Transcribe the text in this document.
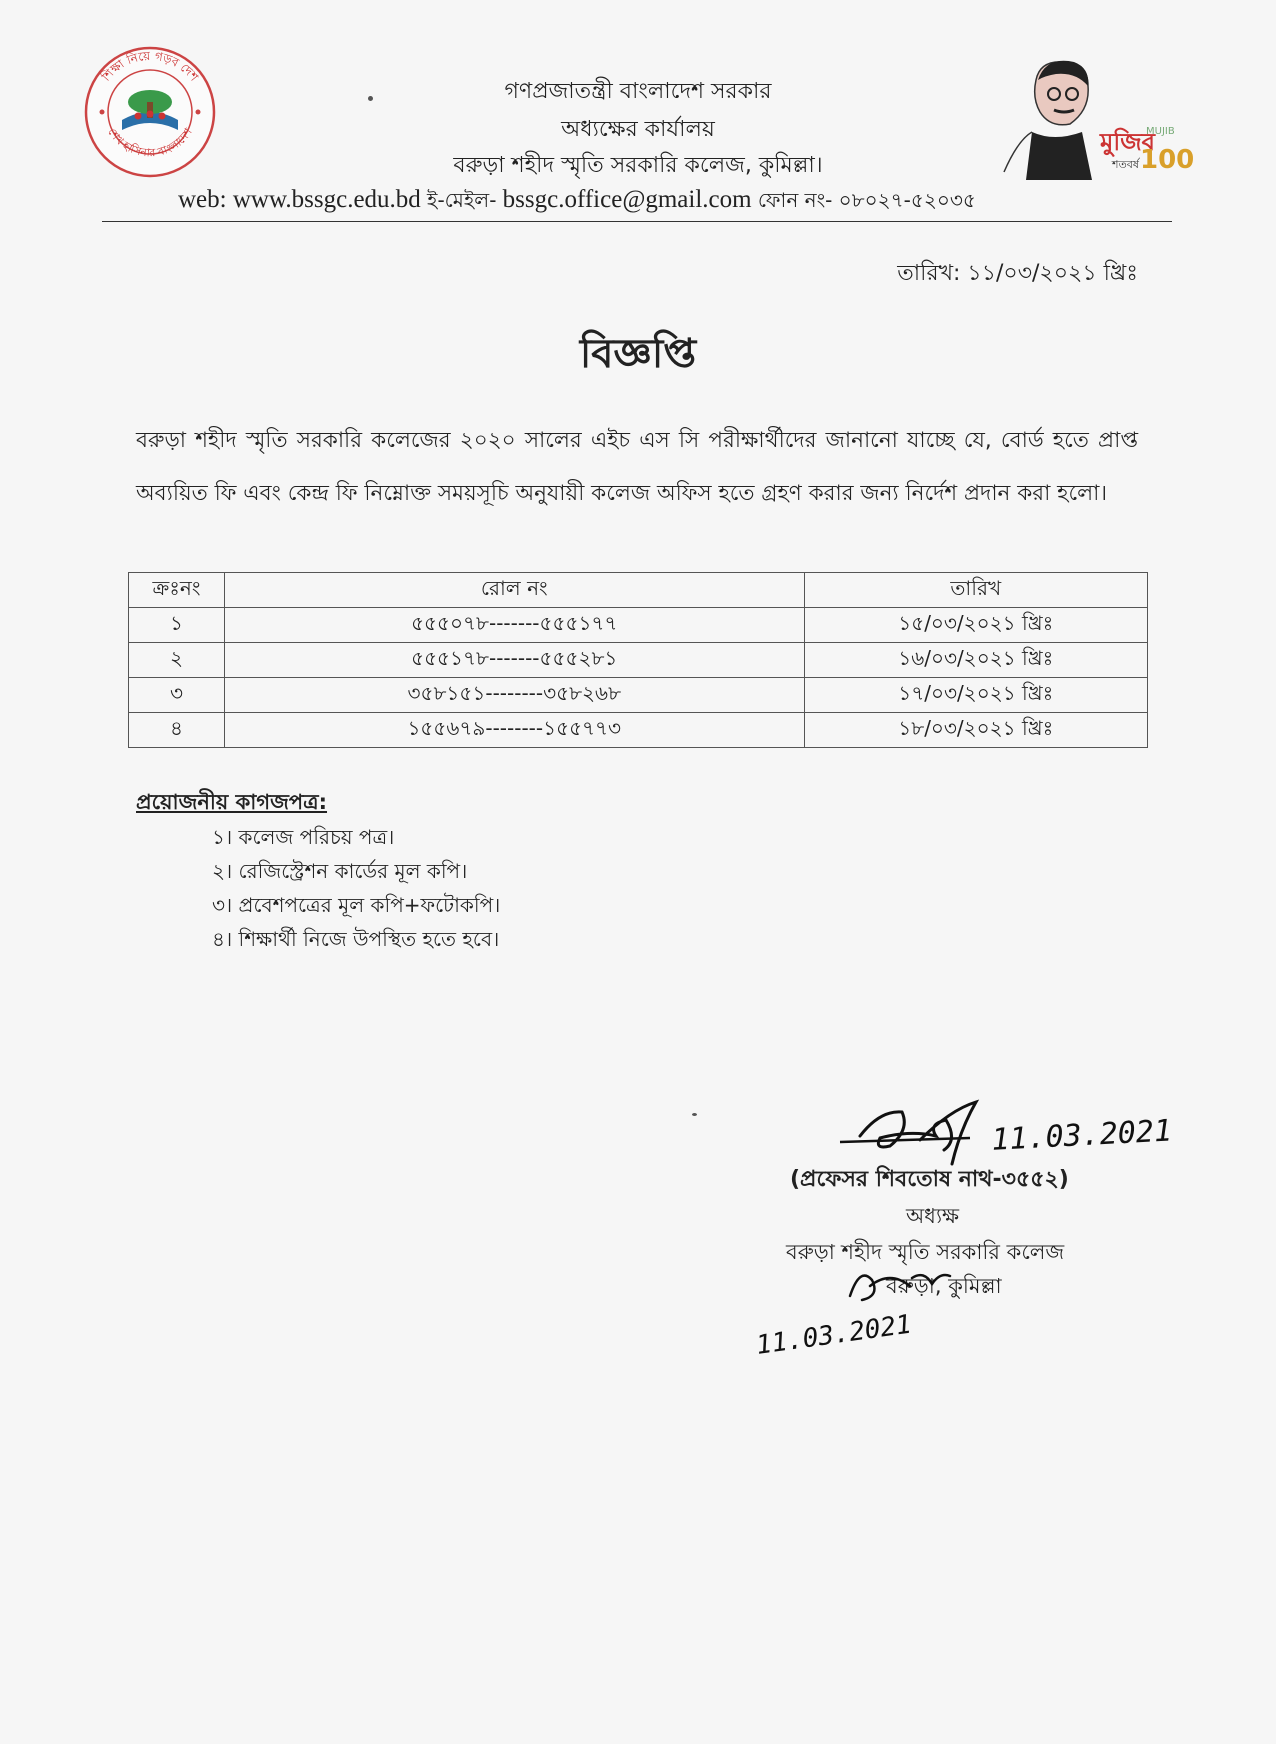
শিক্ষা নিয়ে গড়ব দেশ
শেখ হাসিনার বাংলাদেশ	মুজিব
শতবর্ষ
MUJIB
100
গণপ্রজাতন্ত্রী বাংলাদেশ সরকার
অধ্যক্ষের কার্যালয়
বরুড়া শহীদ স্মৃতি সরকারি কলেজ, কুমিল্লা।
web: www.bssgc.edu.bd ই-মেইল- bssgc.office@gmail.com ফোন নং- ০৮০২৭-৫২০৩৫
তারিখ: ১১/০৩/২০২১ খ্রিঃ
বিজ্ঞপ্তি
বরুড়া শহীদ স্মৃতি সরকারি কলেজের ২০২০ সালের এইচ এস সি পরীক্ষার্থীদের জানানো যাচ্ছে যে, বোর্ড হতে প্রাপ্ত অব্যয়িত ফি এবং কেন্দ্র ফি নিম্নোক্ত সময়সূচি অনুযায়ী কলেজ অফিস হতে গ্রহণ করার জন্য নির্দেশ প্রদান করা হলো।
ক্রঃনং	রোল নং	তারিখ
১	৫৫৫০৭৮-------৫৫৫১৭৭	১৫/০৩/২০২১ খ্রিঃ
২	৫৫৫১৭৮-------৫৫৫২৮১	১৬/০৩/২০২১ খ্রিঃ
৩	৩৫৮১৫১--------৩৫৮২৬৮	১৭/০৩/২০২১ খ্রিঃ
৪	১৫৫৬৭৯--------১৫৫৭৭৩	১৮/০৩/২০২১ খ্রিঃ
প্রয়োজনীয় কাগজপত্র:
১। কলেজ পরিচয় পত্র।
২। রেজিস্ট্রেশন কার্ডের মূল কপি।
৩। প্রবেশপত্রের মূল কপি+ফটোকপি।
৪। শিক্ষার্থী নিজে উপস্থিত হতে হবে।
(প্রফেসর শিবতোষ নাথ-৩৫৫২)
অধ্যক্ষ
বরুড়া শহীদ স্মৃতি সরকারি কলেজ
বরুড়া, কুমিল্লা
11.03.2021
11.03.2021
